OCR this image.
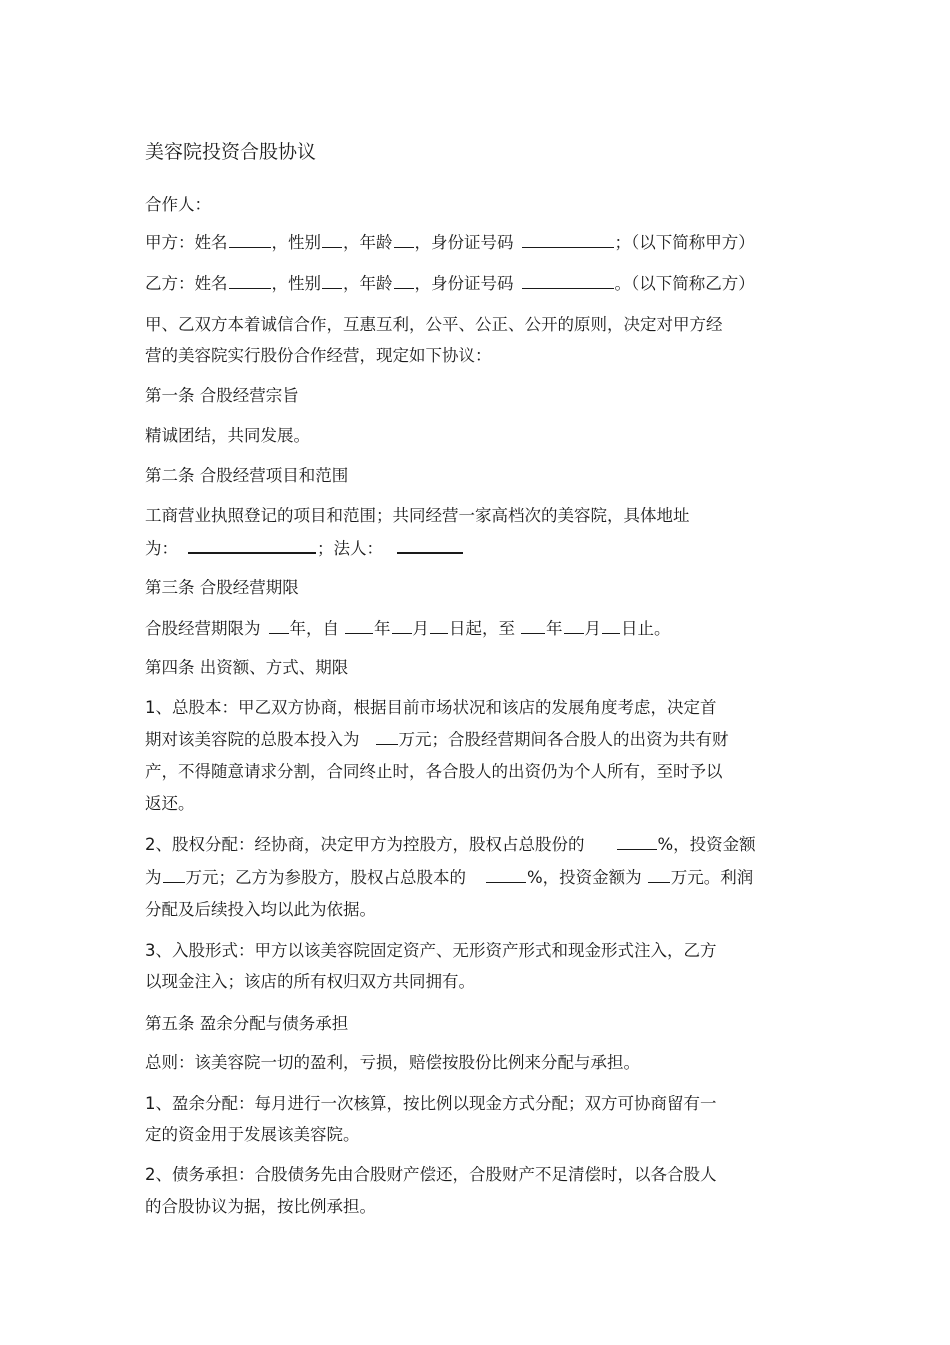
美容院投资合股协议
合作人：
甲方：姓名	，性别 ，年龄 ，身份证号码	；（以下简称甲方）
乙方：姓名	，性别 ，年龄 ，身份证号码	。（以下简称乙方）
甲、乙双方本着诚信合作，互惠互利，公平、公正、公开的原则，决定对甲方经
营的美容院实行股份合作经营，现定如下协议：
第一条 合股经营宗旨
精诚团结，共同发展。
第二条 合股经营项目和范围
工商营业执照登记的项目和范围；共同经营一家高档次的美容院，具体地址
为：	；法人：
第三条 合股经营期限
合股经营期限为 年，自 年 月 日起，至 年 月 日止。
第四条 出资额、方式、期限
1、总股本：甲乙双方协商，根据目前市场状况和该店的发展角度考虑，决定首
期对该美容院的总股本投入为 万元；合股经营期间各合股人的出资为共有财
产，不得随意请求分割，合同终止时，各合股人的出资仍为个人所有，至时予以
返还。
2、股权分配：经协商，决定甲方为控股方，股权占总股份的	%，投资金额
为 万元；乙方为参股方，股权占总股本的	%，投资金额为 万元。利润
分配及后续投入均以此为依据。
3、入股形式：甲方以该美容院固定资产、无形资产形式和现金形式注入，乙方
以现金注入；该店的所有权归双方共同拥有。
第五条 盈余分配与债务承担
总则：该美容院一切的盈利，亏损，赔偿按股份比例来分配与承担。
1、盈余分配：每月进行一次核算，按比例以现金方式分配；双方可协商留有一
定的资金用于发展该美容院。
2、债务承担：合股债务先由合股财产偿还，合股财产不足清偿时，以各合股人
的合股协议为据，按比例承担。
